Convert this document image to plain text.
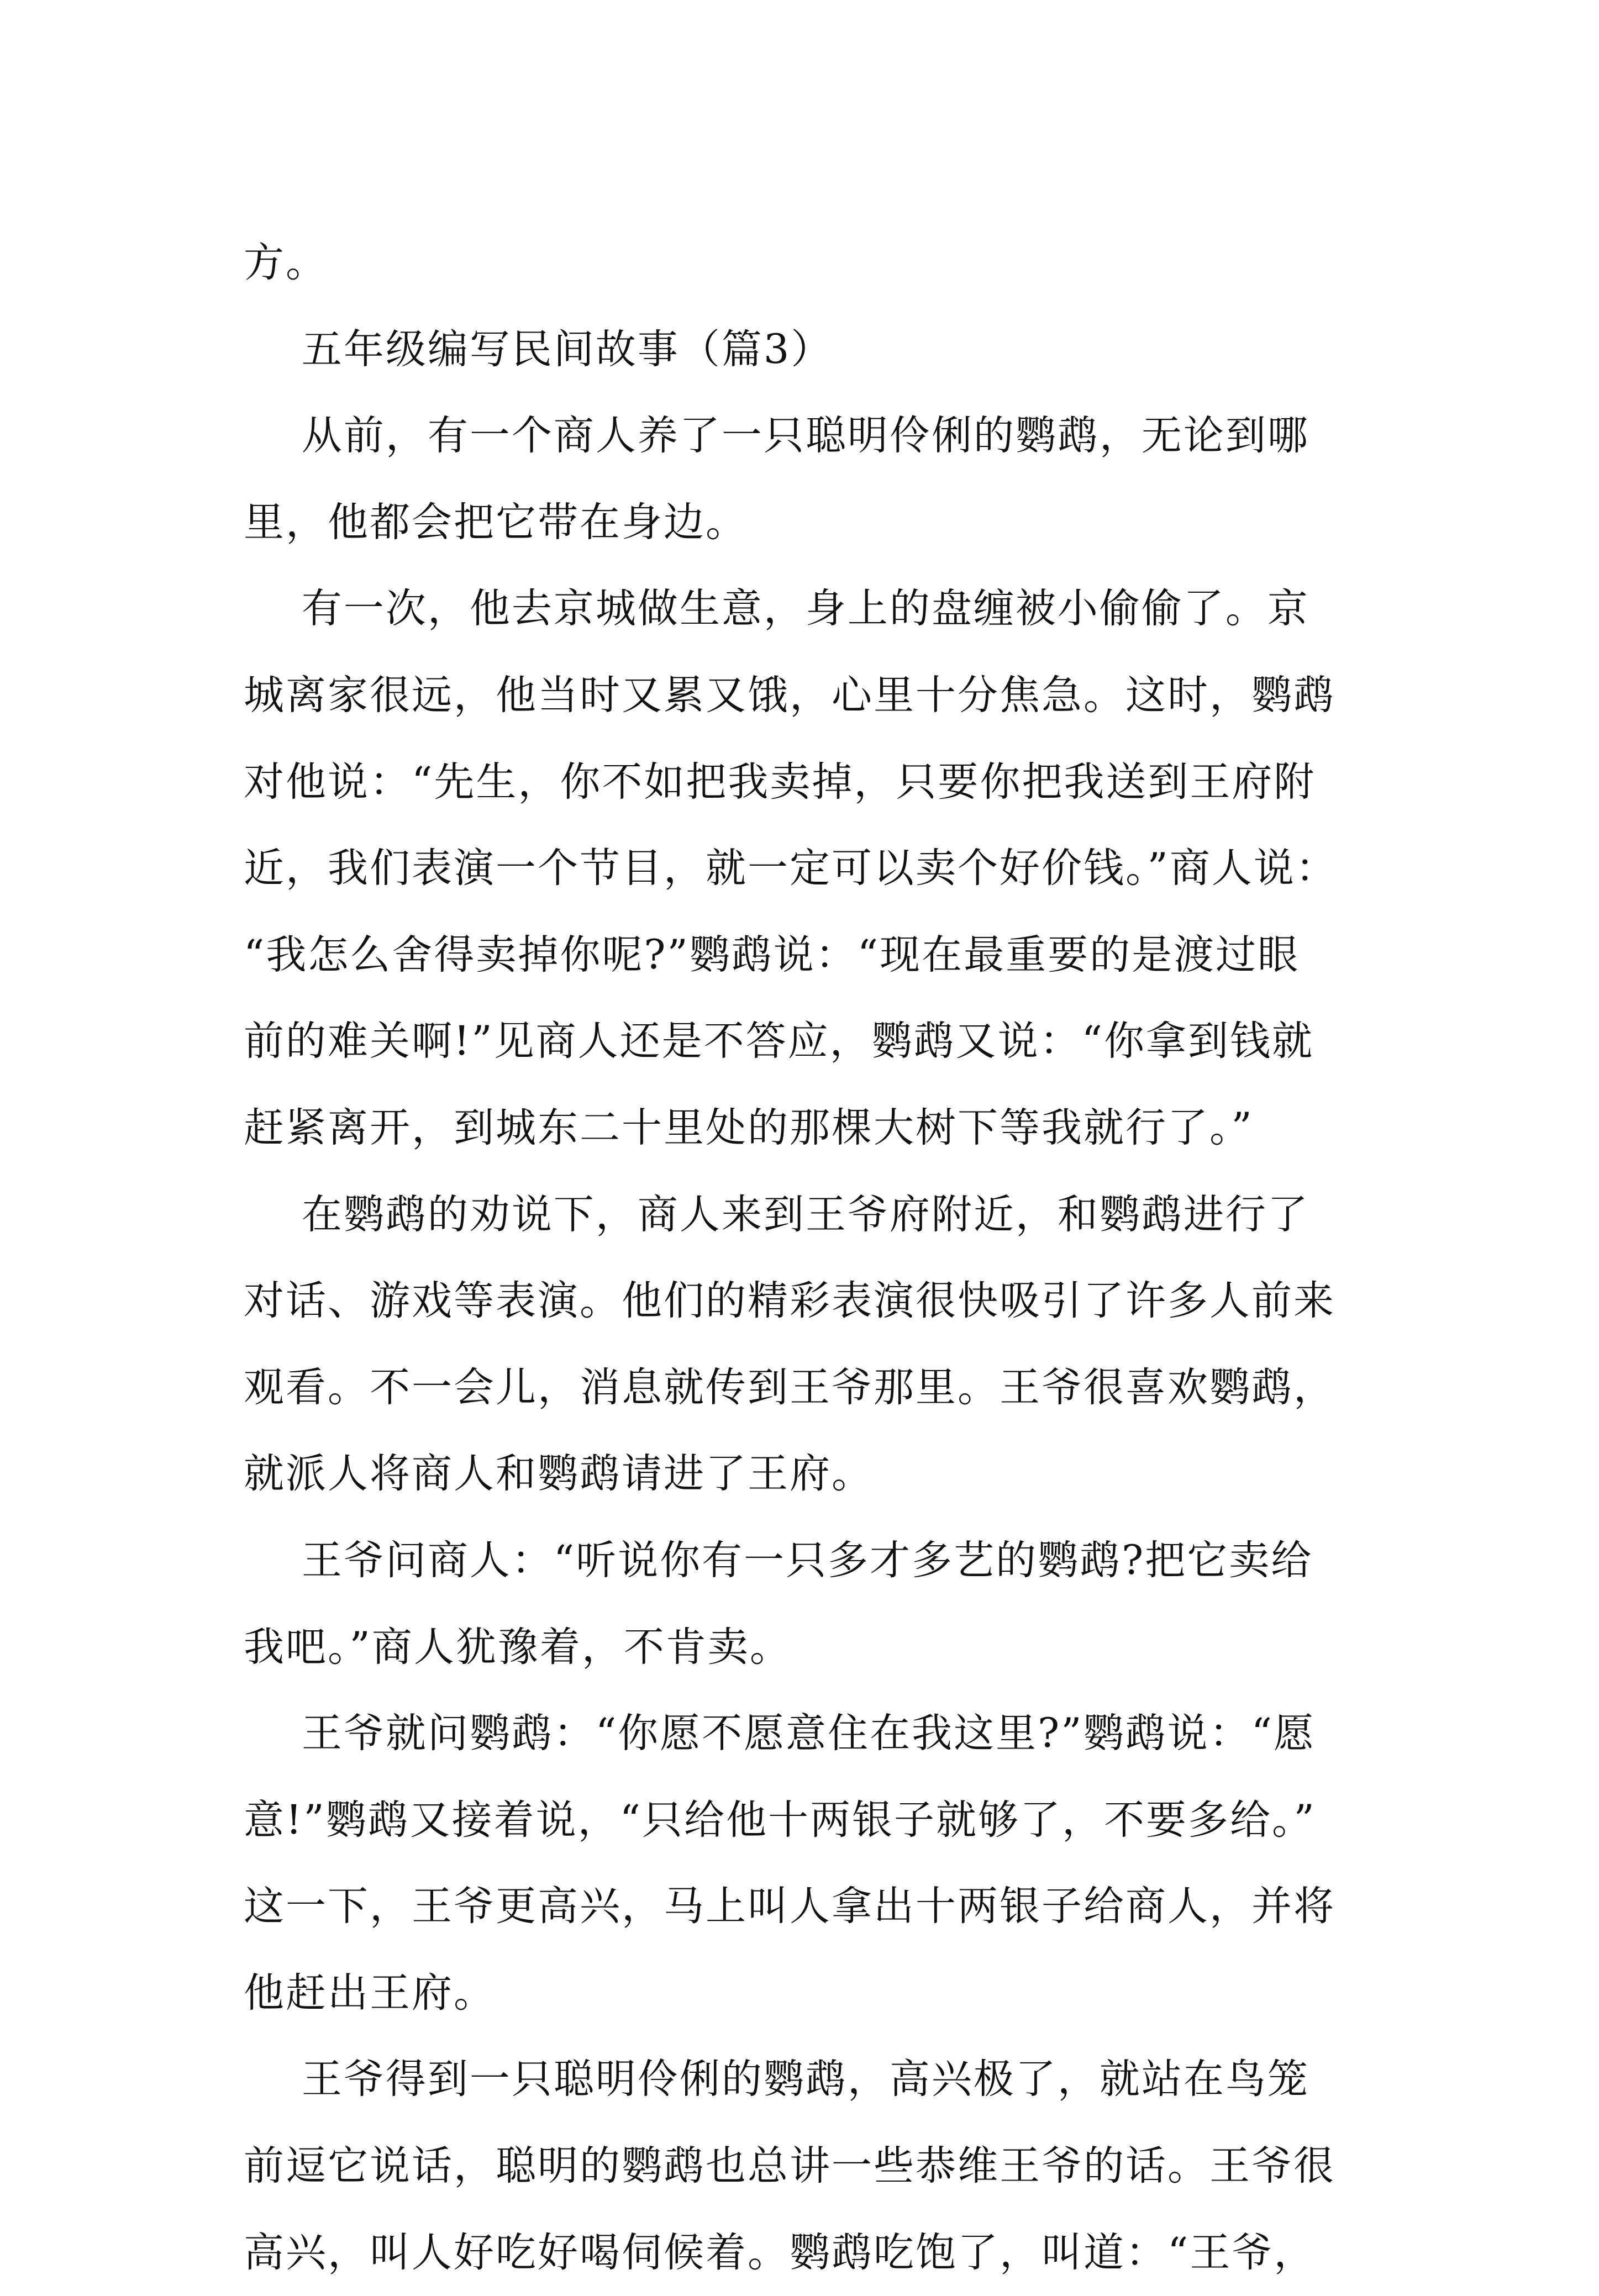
方。
五年级编写民间故事（篇3）
从前，有一个商人养了一只聪明伶俐的鹦鹉，无论到哪
里，他都会把它带在身边。
有一次，他去京城做生意，身上的盘缠被小偷偷了。京
城离家很远，他当时又累又饿，心里十分焦急。这时，鹦鹉
对他说：“先生，你不如把我卖掉，只要你把我送到王府附
近，我们表演一个节目，就一定可以卖个好价钱。”商人说：
“我怎么舍得卖掉你呢?”鹦鹉说：“现在最重要的是渡过眼
前的难关啊!”见商人还是不答应，鹦鹉又说：“你拿到钱就
赶紧离开，到城东二十里处的那棵大树下等我就行了。”
在鹦鹉的劝说下，商人来到王爷府附近，和鹦鹉进行了
对话、游戏等表演。他们的精彩表演很快吸引了许多人前来
观看。不一会儿，消息就传到王爷那里。王爷很喜欢鹦鹉，
就派人将商人和鹦鹉请进了王府。
王爷问商人：“听说你有一只多才多艺的鹦鹉?把它卖给
我吧。”商人犹豫着，不肯卖。
王爷就问鹦鹉：“你愿不愿意住在我这里?”鹦鹉说：“愿
意!”鹦鹉又接着说，“只给他十两银子就够了，不要多给。”
这一下，王爷更高兴，马上叫人拿出十两银子给商人，并将
他赶出王府。
王爷得到一只聪明伶俐的鹦鹉，高兴极了，就站在鸟笼
前逗它说话，聪明的鹦鹉也总讲一些恭维王爷的话。王爷很
高兴，叫人好吃好喝伺候着。鹦鹉吃饱了，叫道：“王爷，
